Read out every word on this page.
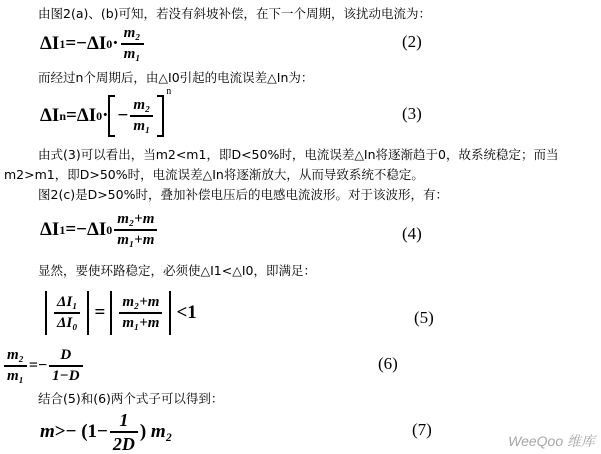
由图2(a)、(b)可知，若没有斜坡补偿，在下一个周期，该扰动电流为：
ΔI 1 =−ΔI $0 \cdot \frac{\text{m₂}}{\text{m₁}}$	(2)
而经过n个周期后，由△I0引起的电流误差△In为：
ΔI n =ΔI 0 · − $\frac{\text{m₂}}{\text{m₁}}$
n
(3)
由式(3)可以看出，当m2<m1，即D<50%时，电流误差△In将逐渐趋于0，故系统稳定；而当
m2>m1，即D>50%时，电流误差△In将逐渐放大，从而导致系统不稳定。
图2(c)是D>50%时，叠加补偿电压后的电感电流波形。对于该波形，有：
ΔI 1 =−ΔI $0 \frac{\text{m₂+m}}{\text{m₁+m}}$	(4)
显然，要使环路稳定，必须使△I1<△I0，即满足：
$\frac{\text{ΔI₁}}{\text{ΔI₀}} = \frac{\text{m₂+m}}{\text{m₁+m}} <1$	(5)
$\frac{\text{m₂}}{\text{m₁}} =- \frac{D}{1-D}$	(6)
结合(5)和(6)两个式子可以得到：
m >−
($1- \frac{1}{2D}$ )
m₂	(7)
WeeQoo 维库
